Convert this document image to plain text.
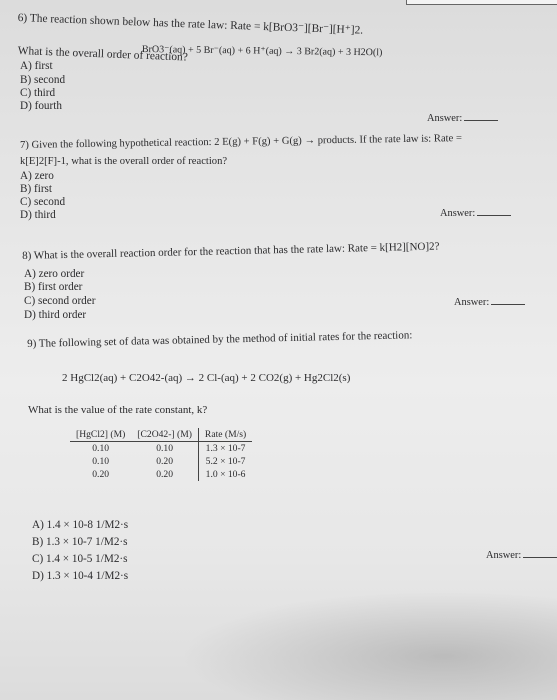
6) The reaction shown below has the rate law: Rate = k[BrO3⁻][Br⁻][H⁺]2.
BrO3⁻(aq) + 5 Br⁻(aq) + 6 H⁺(aq) → 3 Br2(aq) + 3 H2O(l)
What is the overall order of reaction?
A) first
B) second
C) third
D) fourth
Answer:
7) Given the following hypothetical reaction: 2 E(g) + F(g) + G(g) → products. If the rate law is: Rate =
k[E]2[F]-1, what is the overall order of reaction?
A) zero
B) first
C) second
D) third	Answer:
8) What is the overall reaction order for the reaction that has the rate law: Rate = k[H2][NO]2?
A) zero order
B) first order
C) second order
D) third order
Answer:
9) The following set of data was obtained by the method of initial rates for the reaction:
2 HgCl2(aq) + C2O42-(aq) → 2 Cl-(aq) + 2 CO2(g) + Hg2Cl2(s)
What is the value of the rate constant, k?
[HgCl2] (M)	[C2O42-] (M)	Rate (M/s)
0.10	0.10	1.3 × 10-7
0.10	0.20	5.2 × 10-7
0.20	0.20	1.0 × 10-6
A) 1.4 × 10-8 1/M2·s
B) 1.3 × 10-7 1/M2·s
C) 1.4 × 10-5 1/M2·s
D) 1.3 × 10-4 1/M2·s
Answer:
